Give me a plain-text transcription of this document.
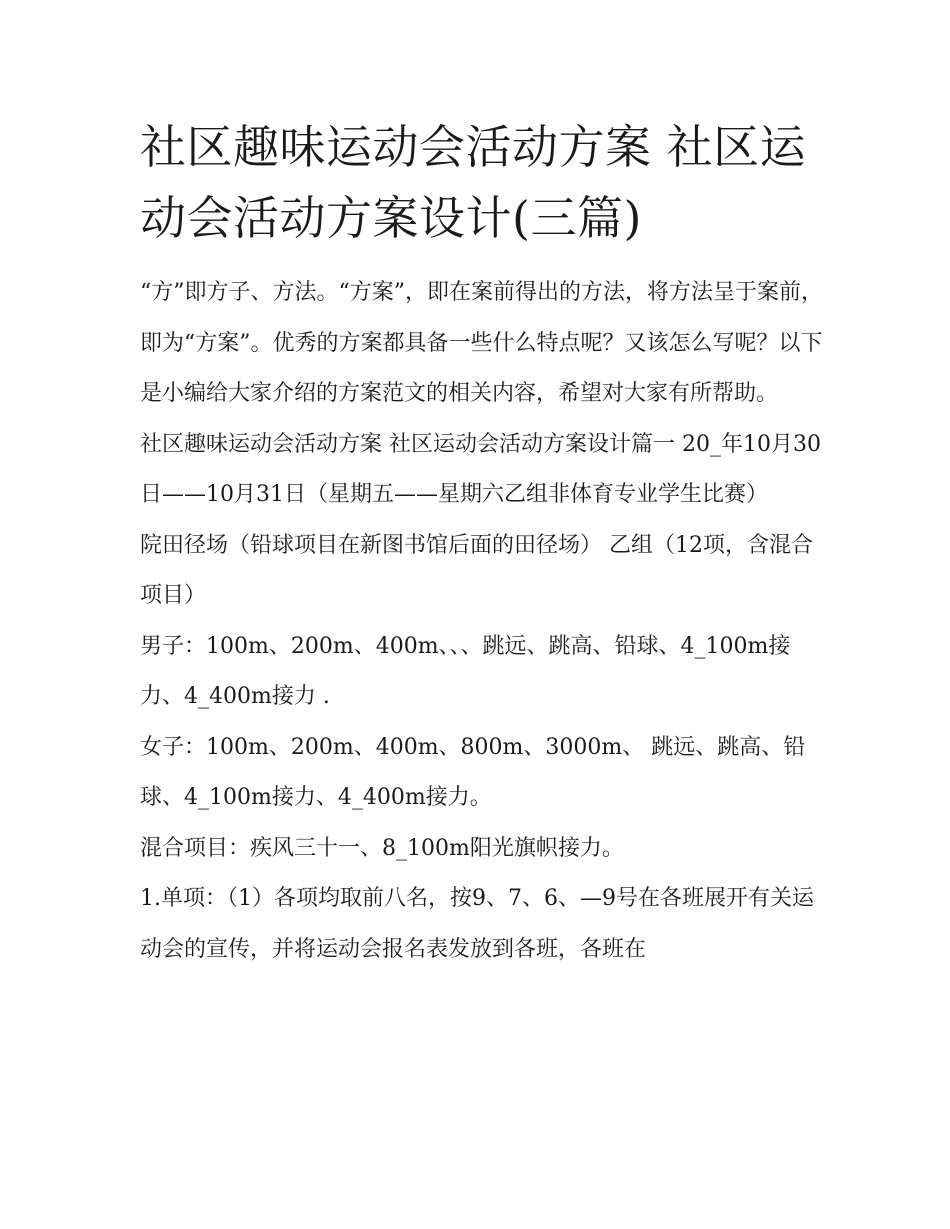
社区趣味运动会活动方案 社区运动会活动方案设计(三篇)

“方”即方子、方法。“方案”，即在案前得出的方法，将方法呈于案前，即为“方案”。优秀的方案都具备一些什么特点呢？又该怎么写呢？以下是小编给大家介绍的方案范文的相关内容，希望对大家有所帮助。

社区趣味运动会活动方案 社区运动会活动方案设计篇一 20_年10月30日——10月31日（星期五——星期六乙组非体育专业学生比赛）

院田径场（铅球项目在新图书馆后面的田径场） 乙组（12项，含混合项目）

男子：100m、200m、400m、、、跳远、跳高、铅球、4_100m接力、4_400m接力 .

女子：100m、200m、400m、800m、3000m、 跳远、跳高、铅球、4_100m接力、4_400m接力。

混合项目：疾风三十一、8_100m阳光旗帜接力。

1.单项：（1）各项均取前八名，按9、7、6、—9号在各班展开有关运动会的宣传，并将运动会报名表发放到各班，各班在
